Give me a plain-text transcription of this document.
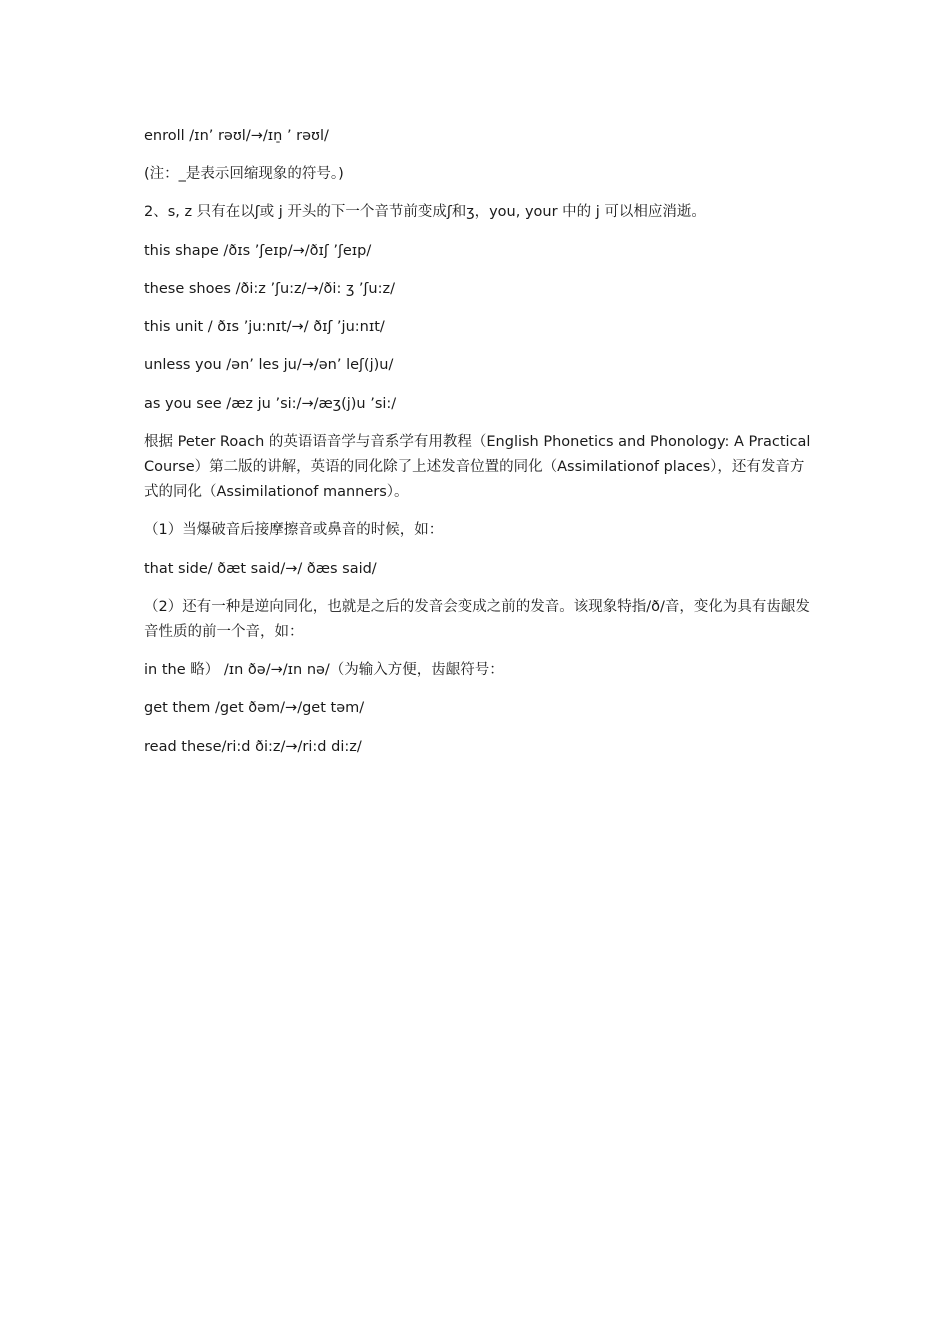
enroll /ɪn’ rəʊl/→/ɪn̠ ’ rəʊl/
(注：_是表示回缩现象的符号。)
2、s, z 只有在以ʃ或 j 开头的下一个音节前变成ʃ和ʒ，you, your 中的 j 可以相应消逝。
this shape /ðɪs ’ʃeɪp/→/ðɪʃ ’ʃeɪp/
these shoes /ði:z ’ʃu:z/→/ði: ʒ ’ʃu:z/
this unit / ðɪs ’ju:nɪt/→/ ðɪʃ ’ju:nɪt/
unless you /ən’ les ju/→/ən’ leʃ(j)u/
as you see /æz ju ’si:/→/æʒ(j)u ’si:/
根据 Peter Roach 的英语语音学与音系学有用教程（English Phonetics and Phonology: A Practical
Course）第二版的讲解，英语的同化除了上述发音位置的同化（Assimilationof places），还有发音方
式的同化（Assimilationof manners）。
（1）当爆破音后接摩擦音或鼻音的时候，如：
that side/ ðæt said/→/ ðæs said/
（2）还有一种是逆向同化，也就是之后的发音会变成之前的发音。该现象特指/ð/音，变化为具有齿龈发
音性质的前一个音，如：
in the 略） /ɪn ðə/→/ɪn nə/（为输入方便，齿龈符号：
get them /get ðəm/→/get təm/
read these/ri:d ði:z/→/ri:d di:z/
